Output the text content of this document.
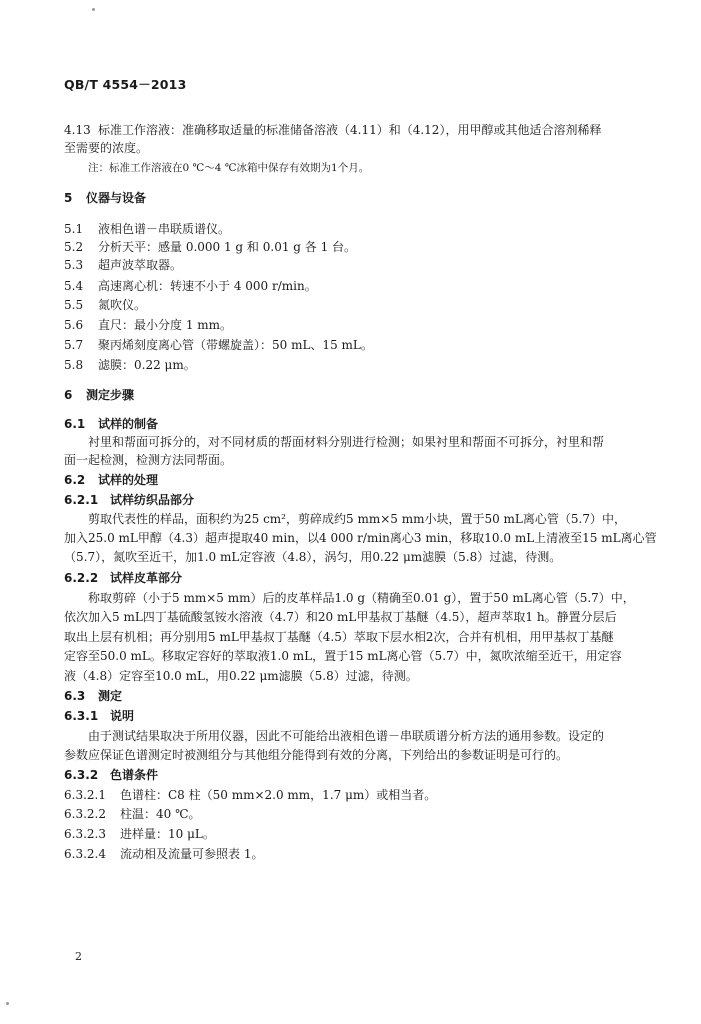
QB/T 4554－2013
4.13 标准工作溶液：准确移取适量的标准储备溶液（4.11）和（4.12），用甲醇或其他适合溶剂稀释
至需要的浓度。
注：标准工作溶液在0 ℃～4 ℃冰箱中保存有效期为1个月。
5 仪器与设备
5.1 液相色谱－串联质谱仪。
5.2 分析天平：感量 0.000 1 g 和 0.01 g 各 1 台。
5.3 超声波萃取器。
5.4 高速离心机：转速不小于 4 000 r/min。
5.5 氮吹仪。
5.6 直尺：最小分度 1 mm。
5.7 聚丙烯刻度离心管（带螺旋盖）：50 mL、15 mL。
5.8 滤膜：0.22 μm。
6 测定步骤
6.1 试样的制备
衬里和帮面可拆分的，对不同材质的帮面材料分别进行检测；如果衬里和帮面不可拆分，衬里和帮
面一起检测，检测方法同帮面。
6.2 试样的处理
6.2.1 试样纺织品部分
剪取代表性的样品，面积约为25 cm²，剪碎成约5 mm×5 mm小块，置于50 mL离心管（5.7）中，
加入25.0 mL甲醇（4.3）超声提取40 min，以4 000 r/min离心3 min，移取10.0 mL上清液至15 mL离心管
（5.7），氮吹至近干，加1.0 mL定容液（4.8），涡匀，用0.22 μm滤膜（5.8）过滤，待测。
6.2.2 试样皮革部分
称取剪碎（小于5 mm×5 mm）后的皮革样品1.0 g（精确至0.01 g），置于50 mL离心管（5.7）中，
依次加入5 mL四丁基硫酸氢铵水溶液（4.7）和20 mL甲基叔丁基醚（4.5），超声萃取1 h。静置分层后
取出上层有机相；再分别用5 mL甲基叔丁基醚（4.5）萃取下层水相2次，合并有机相，用甲基叔丁基醚
定容至50.0 mL。移取定容好的萃取液1.0 mL，置于15 mL离心管（5.7）中，氮吹浓缩至近干，用定容
液（4.8）定容至10.0 mL，用0.22 μm滤膜（5.8）过滤，待测。
6.3 测定
6.3.1 说明
由于测试结果取决于所用仪器，因此不可能给出液相色谱－串联质谱分析方法的通用参数。设定的
参数应保证色谱测定时被测组分与其他组分能得到有效的分离，下列给出的参数证明是可行的。
6.3.2 色谱条件
6.3.2.1 色谱柱：C8 柱（50 mm×2.0 mm，1.7 μm）或相当者。
6.3.2.2 柱温：40 ℃。
6.3.2.3 进样量：10 μL。
6.3.2.4 流动相及流量可参照表 1。
2
